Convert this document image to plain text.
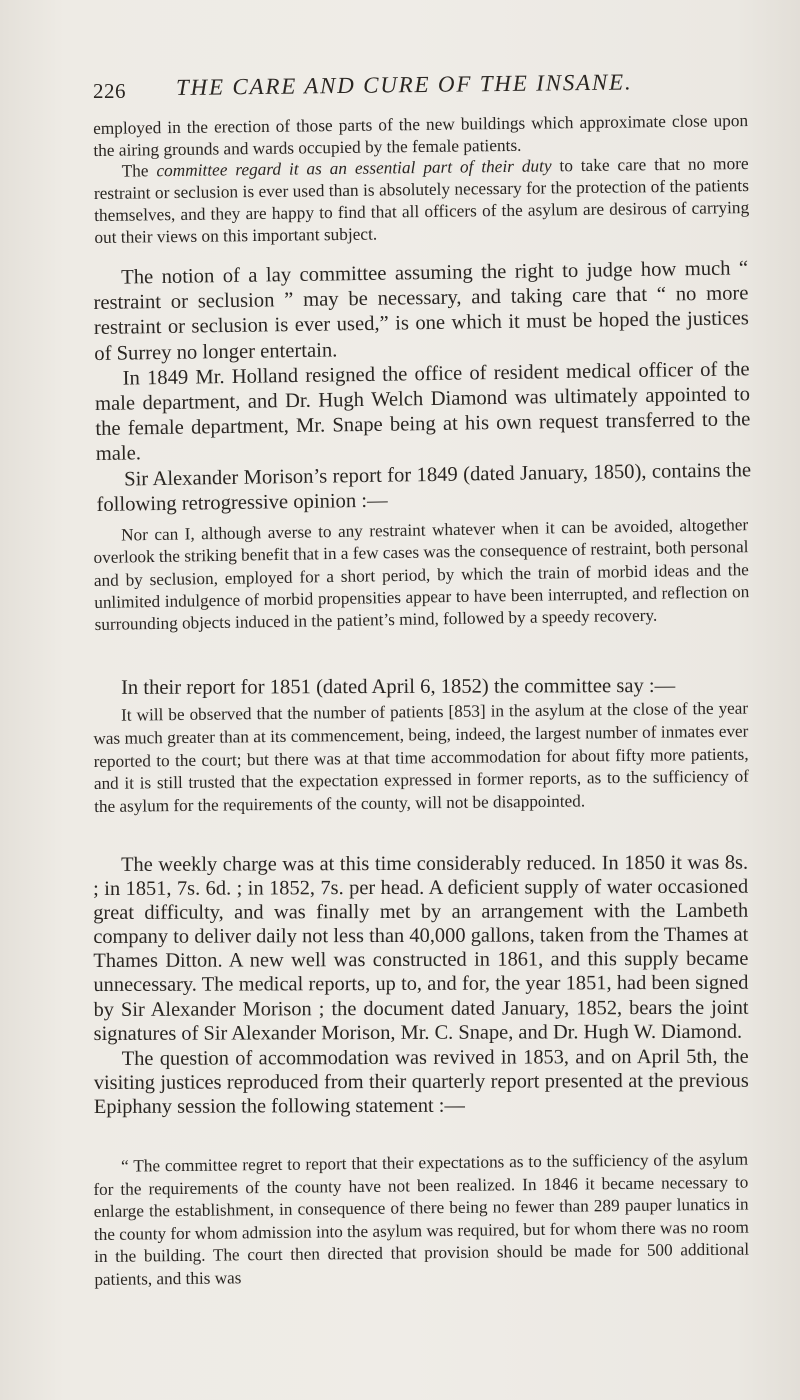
226 THE CARE AND CURE OF THE INSANE.

employed in the erection of those parts of the new buildings which approximate close upon the airing grounds and wards occupied by the female patients.

The committee regard it as an essential part of their duty to take care that no more restraint or seclusion is ever used than is absolutely necessary for the protection of the patients themselves, and they are happy to find that all officers of the asylum are desirous of carrying out their views on this important subject.

The notion of a lay committee assuming the right to judge how much “ restraint or seclusion ” may be necessary, and taking care that “ no more restraint or seclusion is ever used,” is one which it must be hoped the justices of Surrey no longer entertain.

In 1849 Mr. Holland resigned the office of resident medical officer of the male department, and Dr. Hugh Welch Diamond was ultimately appointed to the female department, Mr. Snape being at his own request transferred to the male.

Sir Alexander Morison’s report for 1849 (dated January, 1850), contains the following retrogressive opinion :—

Nor can I, although averse to any restraint whatever when it can be avoided, altogether overlook the striking benefit that in a few cases was the consequence of restraint, both personal and by seclusion, employed for a short period, by which the train of morbid ideas and the unlimited indulgence of morbid propensities appear to have been interrupted, and reflection on surrounding objects induced in the patient’s mind, followed by a speedy recovery.

In their report for 1851 (dated April 6, 1852) the committee say :—

It will be observed that the number of patients [853] in the asylum at the close of the year was much greater than at its commencement, being, indeed, the largest number of inmates ever reported to the court; but there was at that time accommodation for about fifty more patients, and it is still trusted that the expectation expressed in former reports, as to the sufficiency of the asylum for the requirements of the county, will not be disappointed.

The weekly charge was at this time considerably reduced. In 1850 it was 8s. ; in 1851, 7s. 6d. ; in 1852, 7s. per head. A deficient supply of water occasioned great difficulty, and was finally met by an arrangement with the Lambeth company to deliver daily not less than 40,000 gallons, taken from the Thames at Thames Ditton. A new well was constructed in 1861, and this supply became unnecessary. The medical reports, up to, and for, the year 1851, had been signed by Sir Alexander Morison ; the document dated January, 1852, bears the joint signatures of Sir Alexander Morison, Mr. C. Snape, and Dr. Hugh W. Diamond.

The question of accommodation was revived in 1853, and on April 5th, the visiting justices reproduced from their quarterly report presented at the previous Epiphany session the following statement :—

“ The committee regret to report that their expectations as to the sufficiency of the asylum for the requirements of the county have not been realized. In 1846 it became necessary to enlarge the establishment, in consequence of there being no fewer than 289 pauper lunatics in the county for whom admission into the asylum was required, but for whom there was no room in the building. The court then directed that provision should be made for 500 additional patients, and this was
